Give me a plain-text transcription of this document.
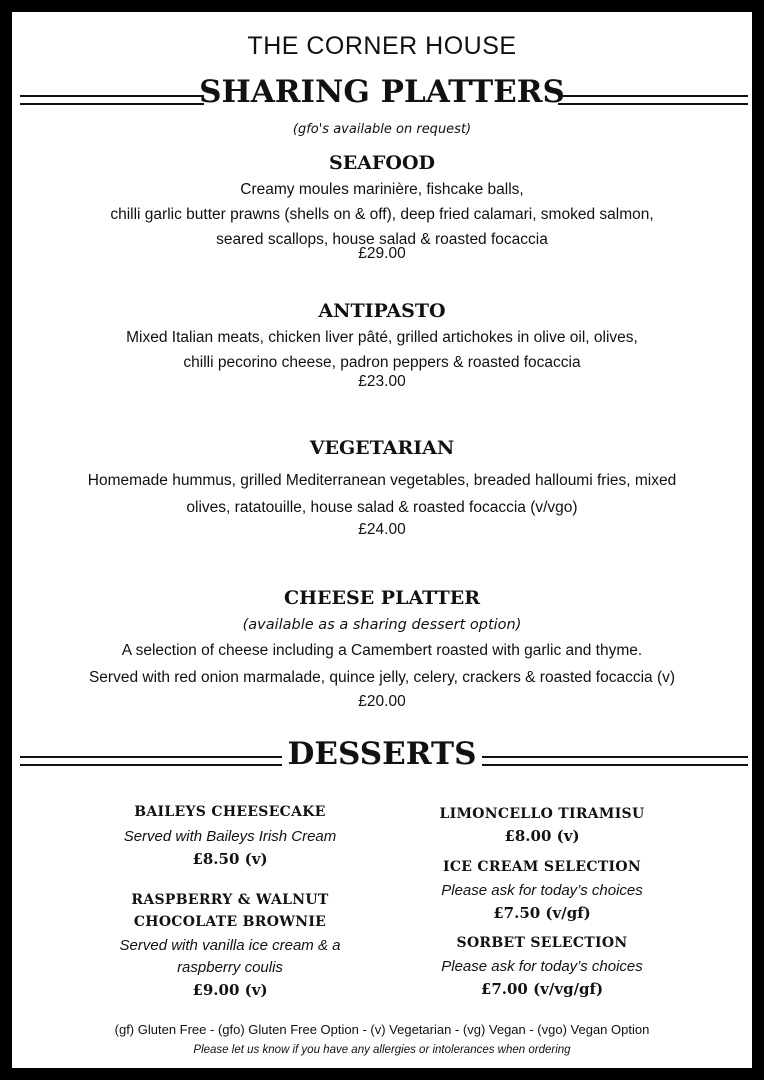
THE CORNER HOUSE
SHARING PLATTERS
(gfo's available on request)
SEAFOOD
Creamy moules marinière, fishcake balls,
chilli garlic butter prawns (shells on & off), deep fried calamari, smoked salmon,
seared scallops, house salad & roasted focaccia
£29.00
ANTIPASTO
Mixed Italian meats, chicken liver pâté, grilled artichokes in olive oil, olives,
chilli pecorino cheese, padron peppers & roasted focaccia
£23.00
VEGETARIAN
Homemade hummus, grilled Mediterranean vegetables, breaded halloumi fries, mixed
olives, ratatouille, house salad & roasted focaccia (v/vgo)
£24.00
CHEESE PLATTER
(available as a sharing dessert option)
A selection of cheese including a Camembert roasted with garlic and thyme.
Served with red onion marmalade, quince jelly, celery, crackers & roasted focaccia (v)
£20.00
DESSERTS
BAILEYS CHEESECAKE
Served with Baileys Irish Cream
£8.50 (v)
RASPBERRY & WALNUT
CHOCOLATE BROWNIE
Served with vanilla ice cream & a
raspberry coulis
£9.00 (v)
LIMONCELLO TIRAMISU
£8.00 (v)
ICE CREAM SELECTION
Please ask for today’s choices
£7.50 (v/gf)
SORBET SELECTION
Please ask for today’s choices
£7.00 (v/vg/gf)
(gf) Gluten Free - (gfo) Gluten Free Option - (v) Vegetarian - (vg) Vegan - (vgo) Vegan Option
Please let us know if you have any allergies or intolerances when ordering
